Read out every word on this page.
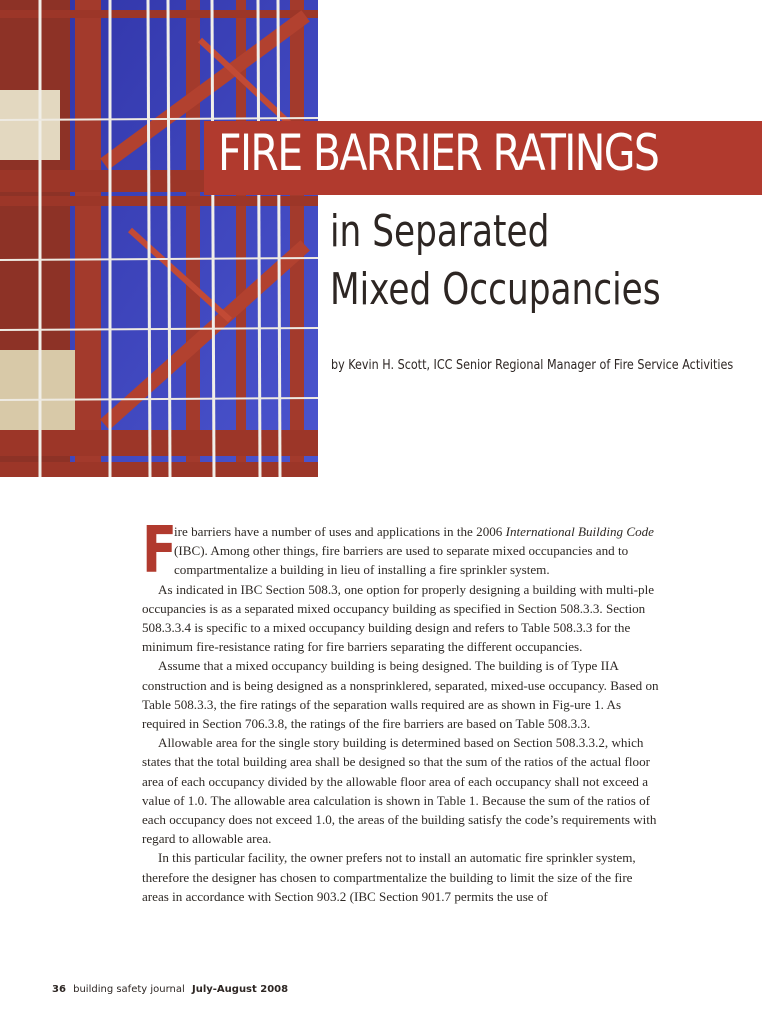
FIRE BARRIER RATINGS
in Separated
Mixed Occupancies

by Kevin H. Scott, ICC Senior Regional Manager of Fire Service Activities

F
ire barriers have a number of uses and applications in the 2006 International Building Code (IBC). Among other things, fire barriers are used to separate mixed occupancies and to compartmentalize a building in lieu of installing a fire sprinkler system.

As indicated in IBC Section 508.3, one option for properly designing a building with multi-ple occupancies is as a separated mixed occupancy building as specified in Section 508.3.3. Section 508.3.3.4 is specific to a mixed occupancy building design and refers to Table 508.3.3 for the minimum fire-resistance rating for fire barriers separating the different occupancies.

Assume that a mixed occupancy building is being designed. The building is of Type IIA construction and is being designed as a nonsprinklered, separated, mixed-use occupancy. Based on Table 508.3.3, the fire ratings of the separation walls required are as shown in Fig-ure 1. As required in Section 706.3.8, the ratings of the fire barriers are based on Table 508.3.3.

Allowable area for the single story building is determined based on Section 508.3.3.2, which states that the total building area shall be designed so that the sum of the ratios of the actual floor area of each occupancy divided by the allowable floor area of each occupancy shall not exceed a value of 1.0. The allowable area calculation is shown in Table 1. Because the sum of the ratios of each occupancy does not exceed 1.0, the areas of the building satisfy the code’s requirements with regard to allowable area.

In this particular facility, the owner prefers not to install an automatic fire sprinkler system, therefore the designer has chosen to compartmentalize the building to limit the size of the fire areas in accordance with Section 903.2 (IBC Section 901.7 permits the use of

36 building safety journal July-August 2008
